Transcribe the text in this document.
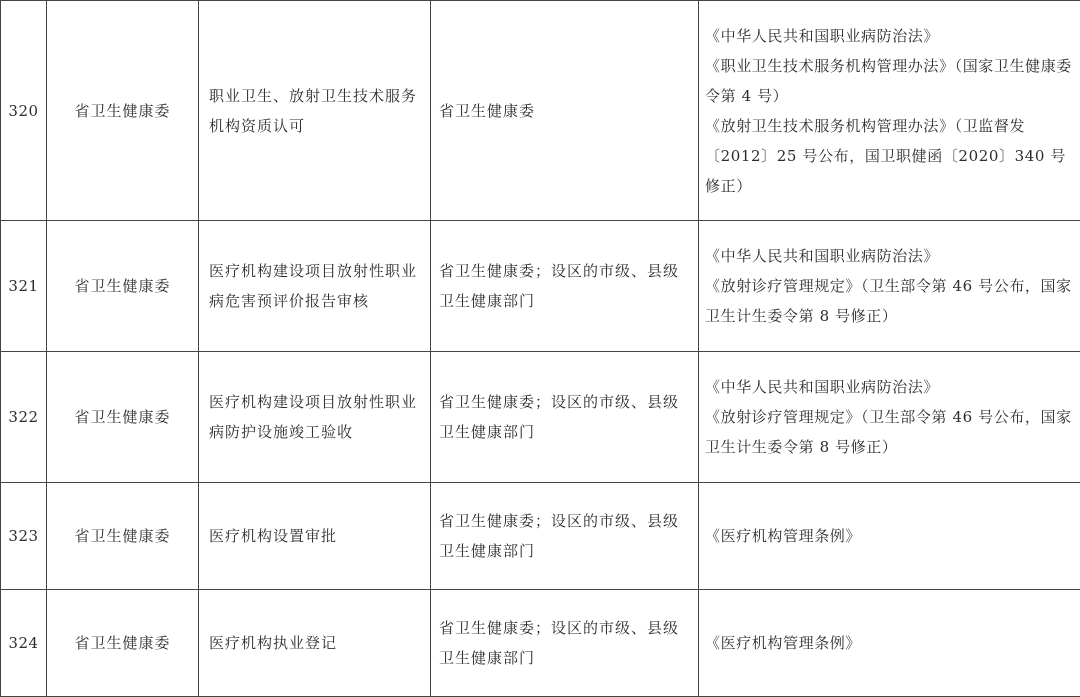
320	省卫生健康委	职业卫生、放射卫生技术服务机构资质认可	省卫生健康委	《中华人民共和国职业病防治法》
《职业卫生技术服务机构管理办法》（国家卫生健康委令第 4 号）
《放射卫生技术服务机构管理办法》（卫监督发〔2012〕25 号公布，国卫职健函〔2020〕340 号修正）

321	省卫生健康委	医疗机构建设项目放射性职业病危害预评价报告审核	省卫生健康委；设区的市级、县级卫生健康部门	《中华人民共和国职业病防治法》
《放射诊疗管理规定》（卫生部令第 46 号公布，国家卫生计生委令第 8 号修正）

322	省卫生健康委	医疗机构建设项目放射性职业病防护设施竣工验收	省卫生健康委；设区的市级、县级卫生健康部门	《中华人民共和国职业病防治法》
《放射诊疗管理规定》（卫生部令第 46 号公布，国家卫生计生委令第 8 号修正）

323	省卫生健康委	医疗机构设置审批	省卫生健康委；设区的市级、县级卫生健康部门	《医疗机构管理条例》

324	省卫生健康委	医疗机构执业登记	省卫生健康委；设区的市级、县级卫生健康部门	《医疗机构管理条例》
